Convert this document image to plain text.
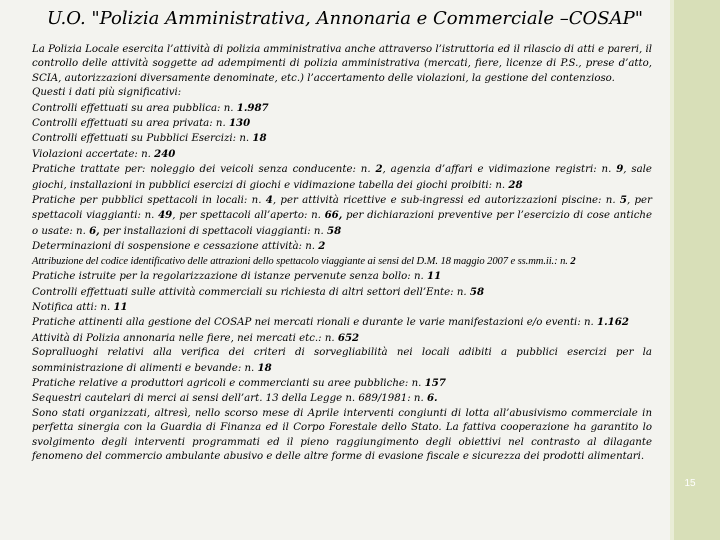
15
U.O. "Polizia Amministrativa, Annonaria e Commerciale –COSAP"

La Polizia Locale esercita l’attività di polizia amministrativa anche attraverso l’istruttoria ed il rilascio di atti e pareri, il controllo delle attività soggette ad adempimenti di polizia amministrativa (mercati, fiere, licenze di P.S., prese d’atto, SCIA, autorizzazioni diversamente denominate, etc.) l’accertamento delle violazioni, la gestione del contenzioso.

Questi i dati più significativi:

Controlli effettuati su area pubblica: n. 1.987

Controlli effettuati su area privata: n. 130

Controlli effettuati su Pubblici Esercizi: n. 18

Violazioni accertate: n. 240

Pratiche trattate per: noleggio dei veicoli senza conducente: n. 2, agenzia d’affari e vidimazione registri: n. 9, sale giochi, installazioni in pubblici esercizi di giochi e vidimazione tabella dei giochi proibiti: n. 28

Pratiche per pubblici spettacoli in locali: n. 4, per attività ricettive e sub-ingressi ed autorizzazioni piscine: n. 5, per spettacoli viaggianti: n. 49, per spettacoli all’aperto: n. 66, per dichiarazioni preventive per l’esercizio di cose antiche o usate: n. 6, per installazioni di spettacoli viaggianti: n. 58

Determinazioni di sospensione e cessazione attività: n. 2

Attribuzione del codice identificativo delle attrazioni dello spettacolo viaggiante ai sensi del D.M. 18 maggio 2007 e ss.mm.ii.: n. 2

Pratiche istruite per la regolarizzazione di istanze pervenute senza bollo: n. 11

Controlli effettuati sulle attività commerciali su richiesta di altri settori dell’Ente: n. 58

Notifica atti: n. 11

Pratiche attinenti alla gestione del COSAP nei mercati rionali e durante le varie manifestazioni e/o eventi: n. 1.162

Attività di Polizia annonaria nelle fiere, nei mercati etc.: n. 652

Sopralluoghi relativi alla verifica dei criteri di sorvegliabilità nei locali adibiti a pubblici esercizi per la somministrazione di alimenti e bevande: n. 18

Pratiche relative a produttori agricoli e commercianti su aree pubbliche: n. 157

Sequestri cautelari di merci ai sensi dell’art. 13 della Legge n. 689/1981: n. 6.

Sono stati organizzati, altresì, nello scorso mese di Aprile interventi congiunti di lotta all’abusivismo commerciale in perfetta sinergia con la Guardia di Finanza ed il Corpo Forestale dello Stato. La fattiva cooperazione ha garantito lo svolgimento degli interventi programmati ed il pieno raggiungimento degli obiettivi nel contrasto al dilagante fenomeno del commercio ambulante abusivo e delle altre forme di evasione fiscale e sicurezza dei prodotti alimentari.
